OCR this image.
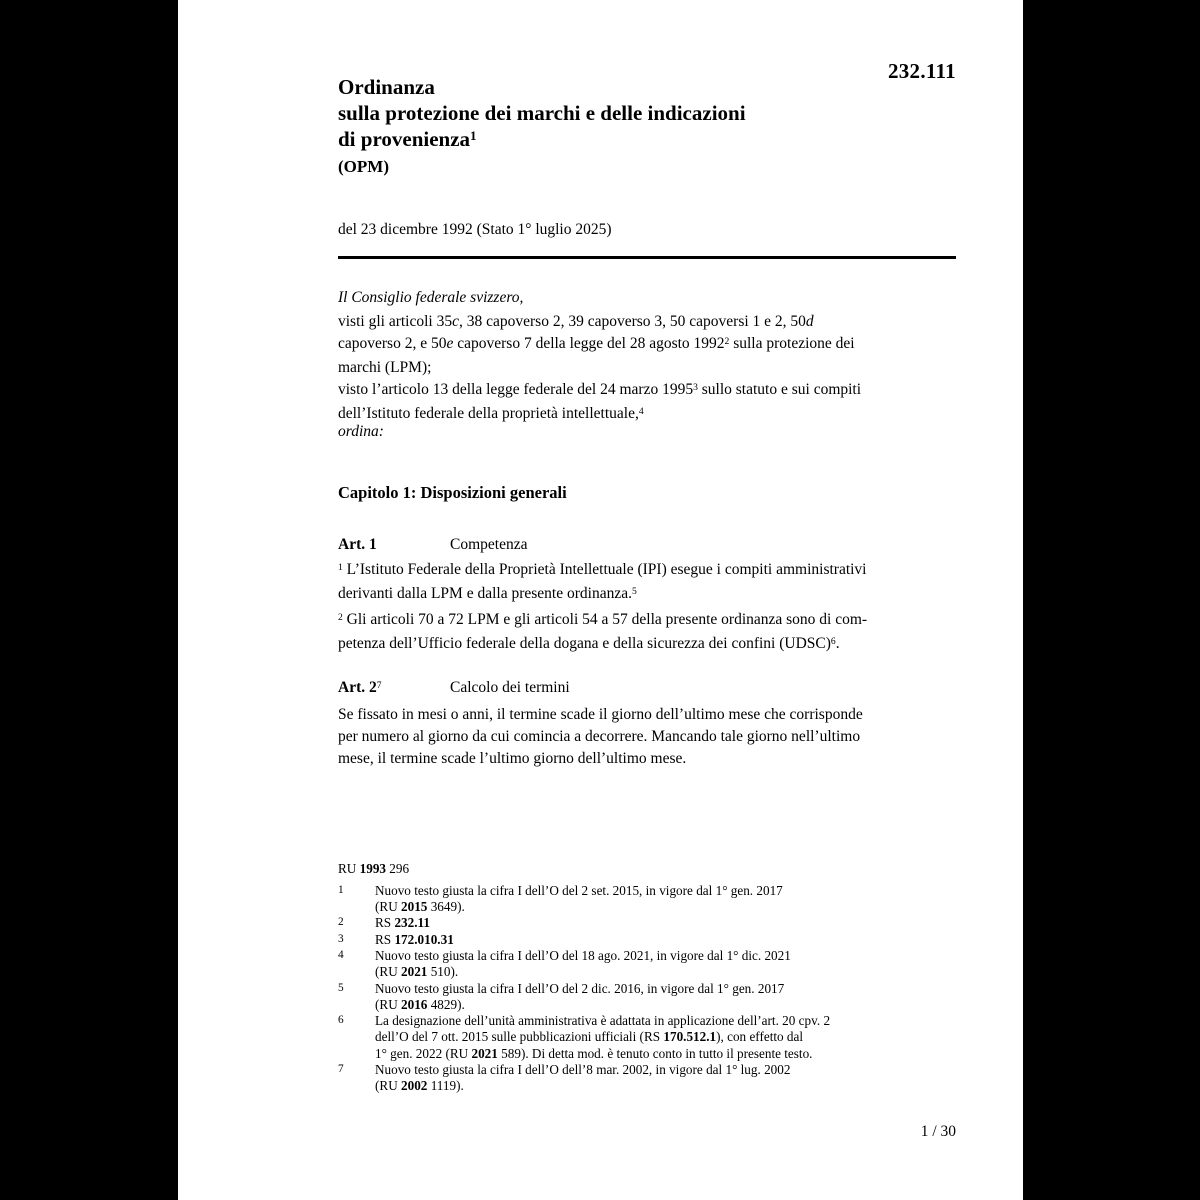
232.111
Ordinanza
sulla protezione dei marchi e delle indicazioni
di provenienza$^1$
(OPM)
del 23 dicembre 1992 (Stato 1° luglio 2025)
Il Consiglio federale svizzero,

visti gli articoli 35c, 38 capoverso 2, 39 capoverso 3, 50 capoversi 1 e 2, 50d
capoverso 2, e 50e capoverso 7 della legge del 28 agosto 1992$^2$ sulla protezione dei
marchi (LPM);

visto l’articolo 13 della legge federale del 24 marzo 1995$^3$ sullo statuto e sui compiti
dell’Istituto federale della proprietà intellettuale,$^4$

ordina:
Capitolo 1: Disposizioni generali
Art. 1	Competenza
$^1$ L’Istituto Federale della Proprietà Intellettuale (IPI) esegue i compiti amministrativi
derivanti dalla LPM e dalla presente ordinanza.$^5$
$^2$ Gli articoli 70 a 72 LPM e gli articoli 54 a 57 della presente ordinanza sono di com-
petenza dell’Ufficio federale della dogana e della sicurezza dei confini (UDSC)$^6$.
Art. $2^7$	Calcolo dei termini
Se fissato in mesi o anni, il termine scade il giorno dell’ultimo mese che corrisponde
per numero al giorno da cui comincia a decorrere. Mancando tale giorno nell’ultimo
mese, il termine scade l’ultimo giorno dell’ultimo mese.
RU 1993 296
1	Nuovo testo giusta la cifra I dell’O del 2 set. 2015, in vigore dal 1° gen. 2017
(RU 2015 3649).
2	RS 232.11
3	RS 172.010.31
4	Nuovo testo giusta la cifra I dell’O del 18 ago. 2021, in vigore dal 1° dic. 2021
(RU 2021 510).
5	Nuovo testo giusta la cifra I dell’O del 2 dic. 2016, in vigore dal 1° gen. 2017
(RU 2016 4829).
6	La designazione dell’unità amministrativa è adattata in applicazione dell’art. 20 cpv. 2
dell’O del 7 ott. 2015 sulle pubblicazioni ufficiali (RS 170.512.1), con effetto dal
1° gen. 2022 (RU 2021 589). Di detta mod. è tenuto conto in tutto il presente testo.
7	Nuovo testo giusta la cifra I dell’O dell’8 mar. 2002, in vigore dal 1° lug. 2002
(RU 2002 1119).
1 / 30
